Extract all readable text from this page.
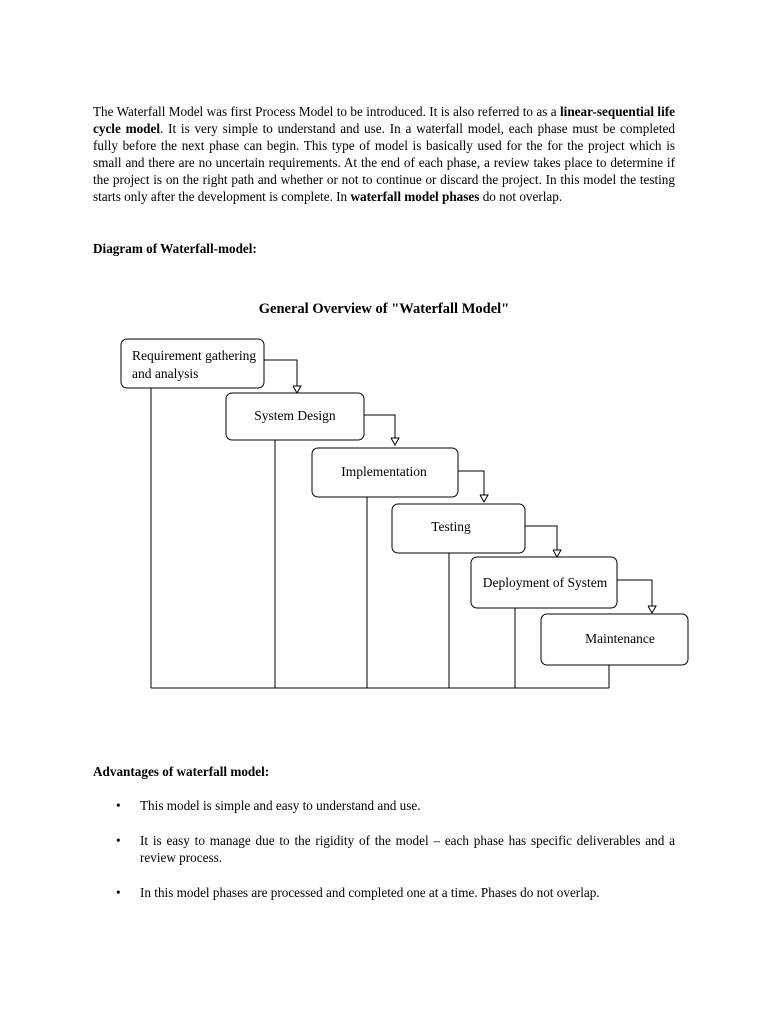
The Waterfall Model was first Process Model to be introduced. It is also referred to as a linear-sequential life cycle model. It is very simple to understand and use. In a waterfall model, each phase must be completed fully before the next phase can begin. This type of model is basically used for the for the project which is small and there are no uncertain requirements. At the end of each phase, a review takes place to determine if the project is on the right path and whether or not to continue or discard the project. In this model the testing starts only after the development is complete. In waterfall model phases do not overlap.

Diagram of Waterfall-model:
General Overview of "Waterfall Model"
Requirement gathering
and analysis
System Design
Implementation
Testing
Deployment of System
Maintenance
Advantages of waterfall model:
• This model is simple and easy to understand and use.
• It is easy to manage due to the rigidity of the model – each phase has specific deliverables and a review process.
• In this model phases are processed and completed one at a time. Phases do not overlap.
